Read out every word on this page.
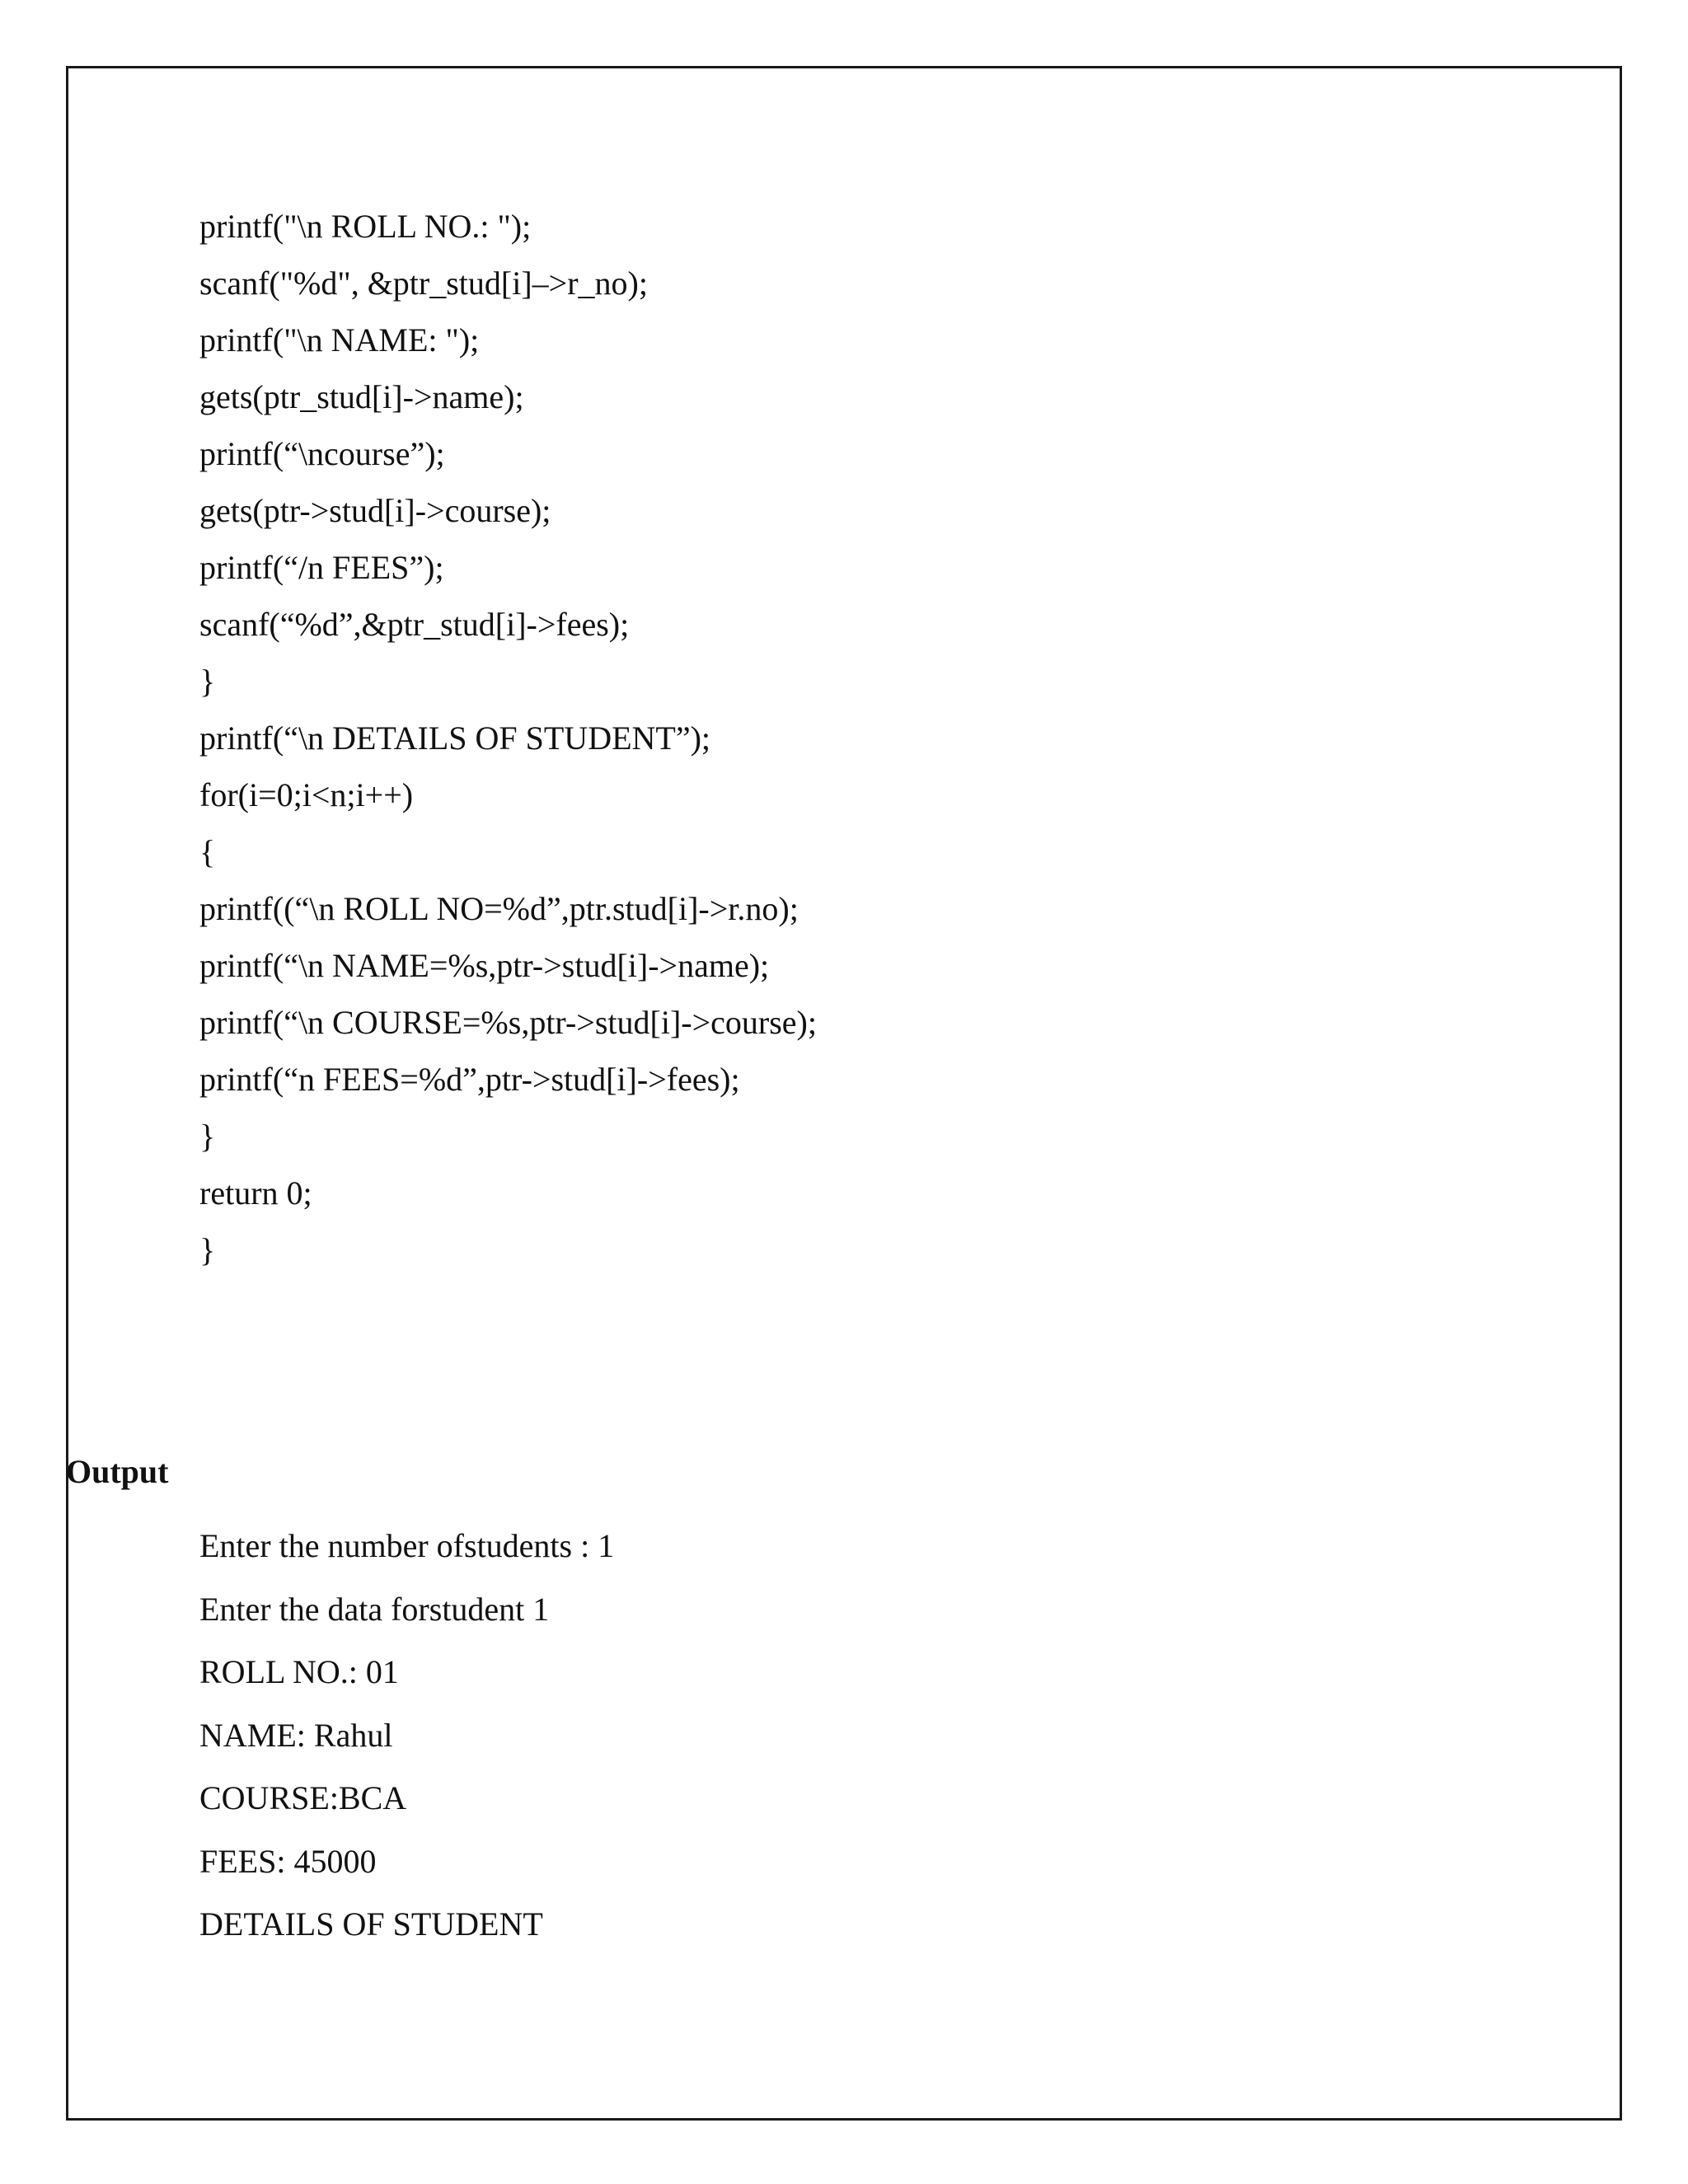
printf("\n ROLL NO.: ");
scanf("%d", &ptr_stud[i]–>r_no);
printf("\n NAME: ");
gets(ptr_stud[i]->name);
printf(“\ncourse”);
gets(ptr->stud[i]->course);
printf(“/n FEES”);
scanf(“%d”,&ptr_stud[i]->fees);
}
printf(“\n DETAILS OF STUDENT”);
for(i=0;i<n;i++)
{
printf((“\n ROLL NO=%d”,ptr.stud[i]->r.no);
printf(“\n NAME=%s,ptr->stud[i]->name);
printf(“\n COURSE=%s,ptr->stud[i]->course);
printf(“n FEES=%d”,ptr->stud[i]->fees);
}
return 0;
}
Output
Enter the number ofstudents : 1
Enter the data forstudent 1
ROLL NO.: 01
NAME: Rahul
COURSE:BCA
FEES: 45000
DETAILS OF STUDENT
